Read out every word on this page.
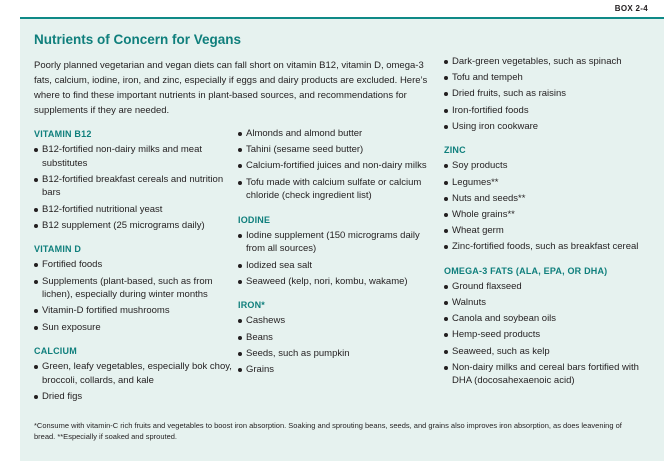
BOX 2-4
Nutrients of Concern for Vegans
Poorly planned vegetarian and vegan diets can fall short on vitamin B12, vitamin D, omega-3 fats, calcium, iodine, iron, and zinc, especially if eggs and dairy products are excluded. Here’s where to find these important nutrients in plant-based sources, and recommendations for supplements if they are needed.
VITAMIN B12
B12-fortified non-dairy milks and meat substitutes
B12-fortified breakfast cereals and nutrition bars
B12-fortified nutritional yeast
B12 supplement (25 micrograms daily)
VITAMIN D
Fortified foods
Supplements (plant-based, such as from lichen), especially during winter months
Vitamin-D fortified mushrooms
Sun exposure
CALCIUM
Green, leafy vegetables, especially bok choy, broccoli, collards, and kale
Dried figs
Almonds and almond butter
Tahini (sesame seed butter)
Calcium-fortified juices and non-dairy milks
Tofu made with calcium sulfate or calcium chloride (check ingredient list)
IODINE
Iodine supplement (150 micrograms daily from all sources)
Iodized sea salt
Seaweed (kelp, nori, kombu, wakame)
IRON*
Cashews
Beans
Seeds, such as pumpkin
Grains
Dark-green vegetables, such as spinach
Tofu and tempeh
Dried fruits, such as raisins
Iron-fortified foods
Using iron cookware
ZINC
Soy products
Legumes**
Nuts and seeds**
Whole grains**
Wheat germ
Zinc-fortified foods, such as breakfast cereal
OMEGA-3 FATS (ALA, EPA, OR DHA)
Ground flaxseed
Walnuts
Canola and soybean oils
Hemp-seed products
Seaweed, such as kelp
Non-dairy milks and cereal bars fortified with DHA (docosahexaenoic acid)
*Consume with vitamin-C rich fruits and vegetables to boost iron absorption. Soaking and sprouting beans, seeds, and grains also improves iron absorption, as does leavening of bread. **Especially if soaked and sprouted.
